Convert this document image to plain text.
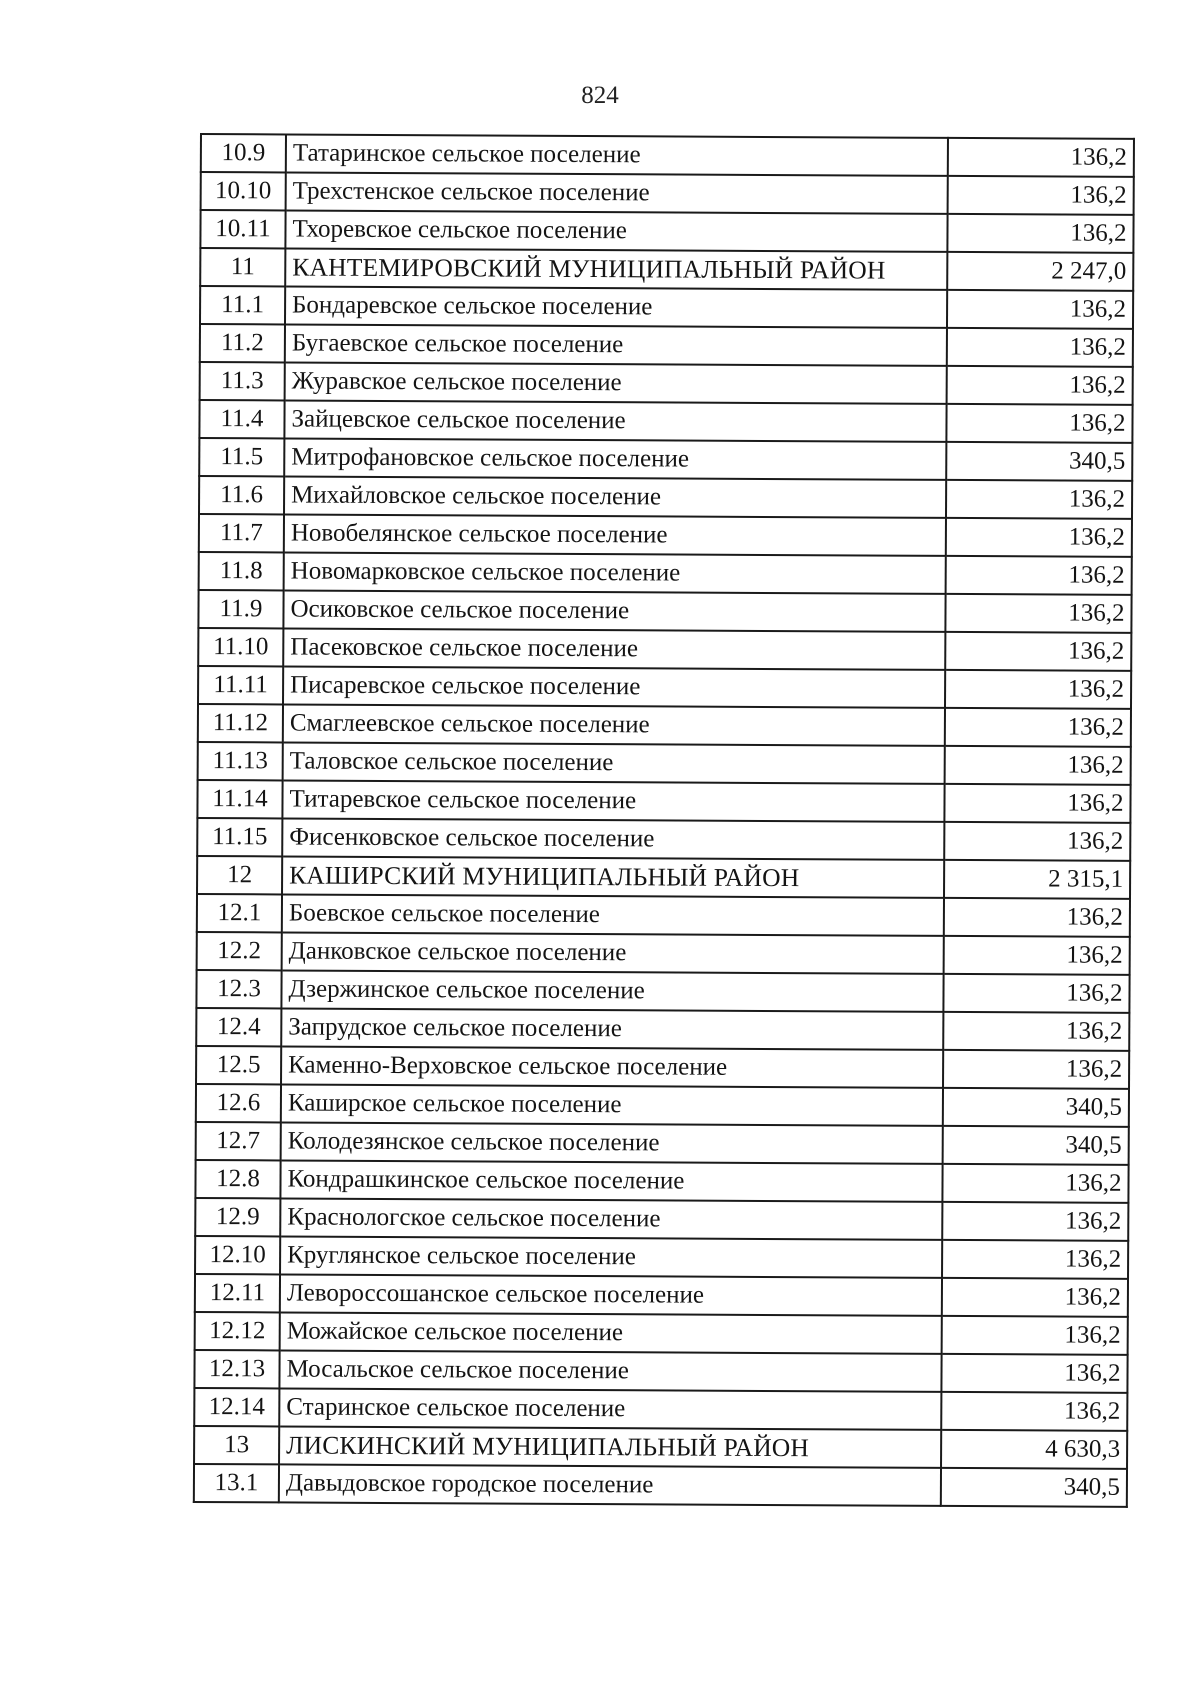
824
10.9	Татаринское сельское поселение	136,2
10.10	Трехстенское сельское поселение	136,2
10.11	Тхоревское сельское поселение	136,2
11	КАНТЕМИРОВСКИЙ МУНИЦИПАЛЬНЫЙ РАЙОН	2 247,0
11.1	Бондаревское сельское поселение	136,2
11.2	Бугаевское сельское поселение	136,2
11.3	Журавское сельское поселение	136,2
11.4	Зайцевское сельское поселение	136,2
11.5	Митрофановское сельское поселение	340,5
11.6	Михайловское сельское поселение	136,2
11.7	Новобелянское сельское поселение	136,2
11.8	Новомарковское сельское поселение	136,2
11.9	Осиковское сельское поселение	136,2
11.10	Пасековское сельское поселение	136,2
11.11	Писаревское сельское поселение	136,2
11.12	Смаглеевское сельское поселение	136,2
11.13	Таловское сельское поселение	136,2
11.14	Титаревское сельское поселение	136,2
11.15	Фисенковское сельское поселение	136,2
12	КАШИРСКИЙ МУНИЦИПАЛЬНЫЙ РАЙОН	2 315,1
12.1	Боевское сельское поселение	136,2
12.2	Данковское сельское поселение	136,2
12.3	Дзержинское сельское поселение	136,2
12.4	Запрудское сельское поселение	136,2
12.5	Каменно-Верховское сельское поселение	136,2
12.6	Каширское сельское поселение	340,5
12.7	Колодезянское сельское поселение	340,5
12.8	Кондрашкинское сельское поселение	136,2
12.9	Краснологское сельское поселение	136,2
12.10	Круглянское сельское поселение	136,2
12.11	Левороссошанское сельское поселение	136,2
12.12	Можайское сельское поселение	136,2
12.13	Мосальское сельское поселение	136,2
12.14	Старинское сельское поселение	136,2
13	ЛИСКИНСКИЙ МУНИЦИПАЛЬНЫЙ РАЙОН	4 630,3
13.1	Давыдовское городское поселение	340,5
